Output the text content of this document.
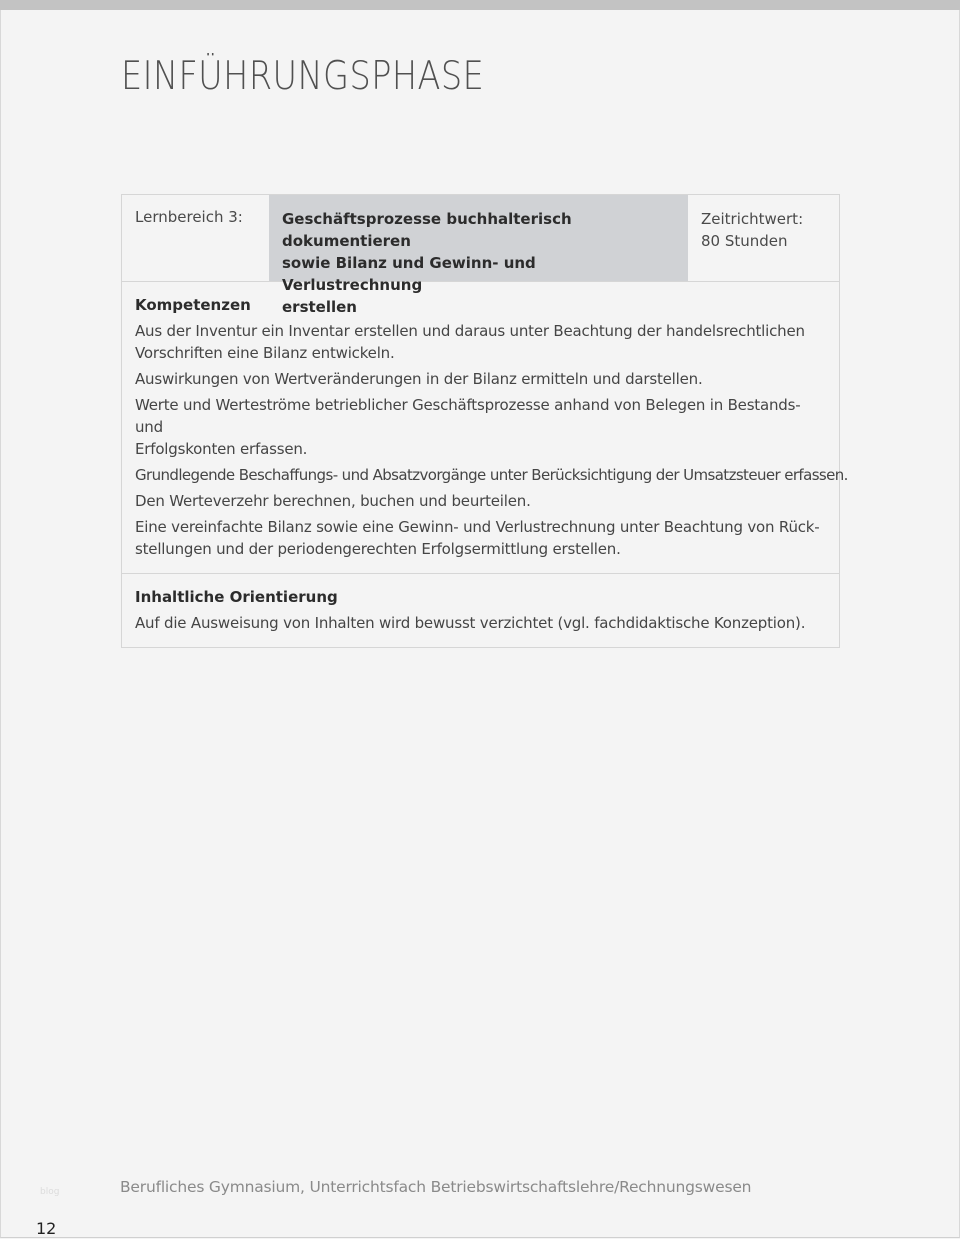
EINFÜHRUNGSPHASE
Lernbereich 3:	Geschäftsprozesse buchhalterisch dokumentieren
sowie Bilanz und Gewinn- und Verlustrechnung
erstellen
Zeitrichtwert:
80 Stunden
Kompetenzen
Aus der Inventur ein Inventar erstellen und daraus unter Beachtung der handelsrechtlichen
Vorschriften eine Bilanz entwickeln.
Auswirkungen von Wertveränderungen in der Bilanz ermitteln und darstellen.
Werte und Werteströme betrieblicher Geschäftsprozesse anhand von Belegen in Bestands- und
Erfolgskonten erfassen.
Grundlegende Beschaffungs- und Absatzvorgänge unter Berücksichtigung der Umsatzsteuer erfassen.
Den Werteverzehr berechnen, buchen und beurteilen.
Eine vereinfachte Bilanz sowie eine Gewinn- und Verlustrechnung unter Beachtung von Rück-
stellungen und der periodengerechten Erfolgsermittlung erstellen.
Inhaltliche Orientierung
Auf die Ausweisung von Inhalten wird bewusst verzichtet (vgl. fachdidaktische Konzeption).
blog	Berufliches Gymnasium, Unterrichtsfach Betriebswirtschaftslehre/Rechnungswesen
12
